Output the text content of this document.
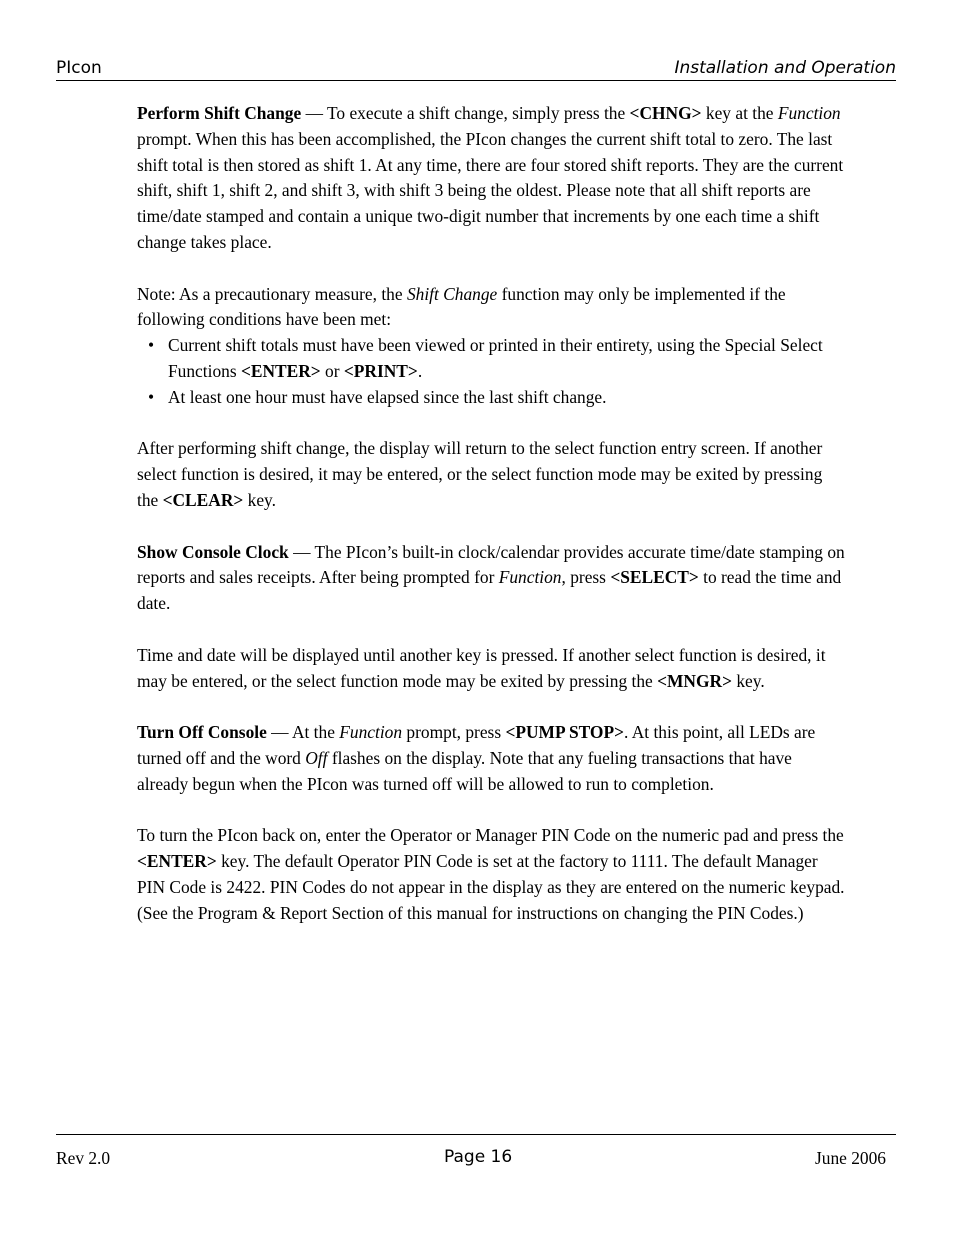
PIcon	Installation and Operation

Perform Shift Change — To execute a shift change, simply press the <CHNG> key at the Function prompt. When this has been accomplished, the PIcon changes the current shift total to zero. The last shift total is then stored as shift 1. At any time, there are four stored shift reports. They are the current shift, shift 1, shift 2, and shift 3, with shift 3 being the oldest. Please note that all shift reports are time/date stamped and contain a unique two-digit number that increments by one each time a shift change takes place.

Note: As a precautionary measure, the Shift Change function may only be implemented if the following conditions have been met:

• Current shift totals must have been viewed or printed in their entirety, using the Special Select Functions <ENTER> or <PRINT>.
• At least one hour must have elapsed since the last shift change.

After performing shift change, the display will return to the select function entry screen. If another select function is desired, it may be entered, or the select function mode may be exited by pressing the <CLEAR> key.

Show Console Clock — The PIcon’s built-in clock/calendar provides accurate time/date stamping on reports and sales receipts. After being prompted for Function, press <SELECT> to read the time and date.

Time and date will be displayed until another key is pressed. If another select function is desired, it may be entered, or the select function mode may be exited by pressing the <MNGR> key.

Turn Off Console — At the Function prompt, press <PUMP STOP>. At this point, all LEDs are turned off and the word Off flashes on the display. Note that any fueling transactions that have already begun when the PIcon was turned off will be allowed to run to completion.

To turn the PIcon back on, enter the Operator or Manager PIN Code on the numeric pad and press the <ENTER> key. The default Operator PIN Code is set at the factory to 1111. The default Manager PIN Code is 2422. PIN Codes do not appear in the display as they are entered on the numeric keypad. (See the Program & Report Section of this manual for instructions on changing the PIN Codes.)

Rev 2.0	Page 16	June 2006
